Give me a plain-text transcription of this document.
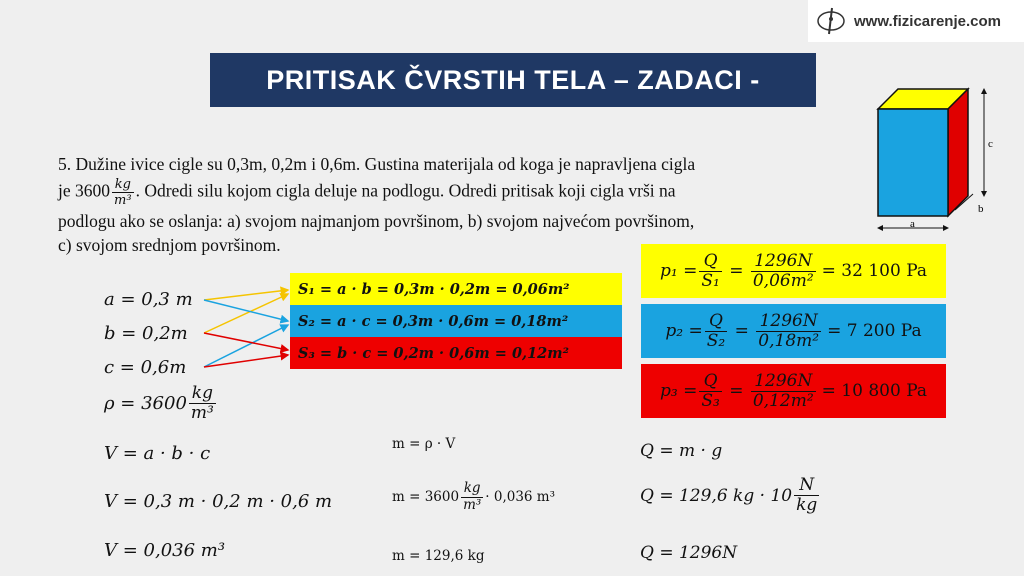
www.fizicarenje.com
PRITISAK ČVRSTIH TELA – ZADACI -
c
b
a
5. Dužine ivice cigle su 0,3m, 0,2m i 0,6m. Gustina materijala od koga je napravljena cigla
je $3600 \frac{kg}{\text{m³}}$ . Odredi silu kojom cigla deluje na podlogu. Odredi pritisak koji cigla vrši na
podlogu ako se oslanja: a) svojom najmanjom površinom, b) svojom najvećom površinom,
c) svojom srednjom površinom.
a = 0,3 m
b = 0,2m
c = 0,6m
$\rho = 3600 \frac{kg}{\text{m³}}$
V = a · b · c
V = 0,3 m · 0,2 m · 0,6 m
V = 0,036 m³
S₁ = a · b = 0,3m · 0,2m = 0,06m²
S₂ = a · c = 0,3m · 0,6m = 0,18m²
S₃ = b · c = 0,2m · 0,6m = 0,12m²
m = ρ · V
$m = 3600 \frac{kg}{\text{m³}} \cdot 0,036$ m³
m = 129,6 kg
Q = m · g
Q = 129,6 kg · $10 \frac{N}{kg}$
Q = 1296N
$p_1 = \frac{Q}{\text{S₁}} = \frac{1296N}{\text{0,06m²}} = 32$ 100 Pa
$p_2 = \frac{Q}{\text{S₂}} = \frac{1296N}{\text{0,18m²}} = 7$ 200 Pa
$p_3 = \frac{Q}{\text{S₃}} = \frac{1296N}{\text{0,12m²}} = 10$ 800 Pa
